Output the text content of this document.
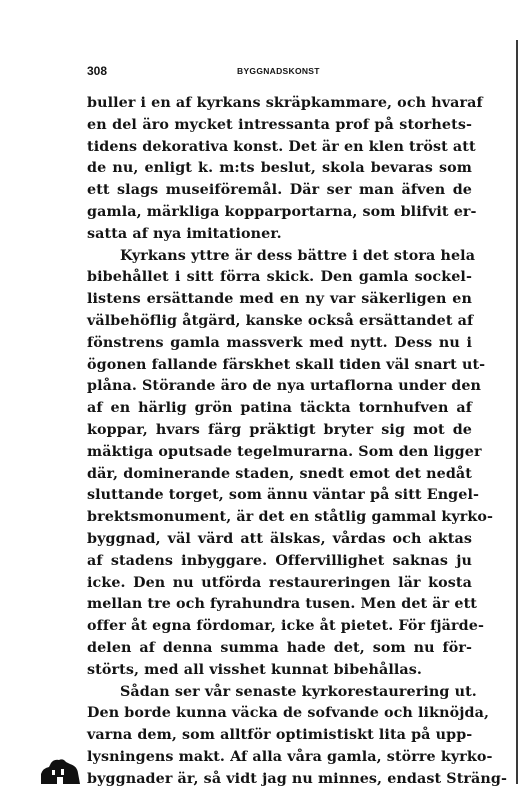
308	BYGGNADSKONST
buller i en af kyrkans skräpkammare, och hvaraf
en del äro mycket intressanta prof på storhets-
tidens dekorativa konst. Det är en klen tröst att
de nu, enligt k. m:ts beslut, skola bevaras som
ett slags museiföremål. Där ser man äfven de
gamla, märkliga kopparportarna, som blifvit er-
satta af nya imitationer.
Kyrkans yttre är dess bättre i det stora hela
bibehållet i sitt förra skick. Den gamla sockel-
listens ersättande med en ny var säkerligen en
välbehöflig åtgärd, kanske också ersättandet af
fönstrens gamla massverk med nytt. Dess nu i
ögonen fallande färskhet skall tiden väl snart ut-
plåna. Störande äro de nya urtaflorna under den
af en härlig grön patina täckta tornhufven af
koppar, hvars färg präktigt bryter sig mot de
mäktiga oputsade tegelmurarna. Som den ligger
där, dominerande staden, snedt emot det nedåt
sluttande torget, som ännu väntar på sitt Engel-
brektsmonument, är det en ståtlig gammal kyrko-
byggnad, väl värd att älskas, vårdas och aktas
af stadens inbyggare. Offervillighet saknas ju
icke. Den nu utförda restaureringen lär kosta
mellan tre och fyrahundra tusen. Men det är ett
offer åt egna fördomar, icke åt pietet. För fjärde-
delen af denna summa hade det, som nu för-
störts, med all visshet kunnat bibehållas.
Sådan ser vår senaste kyrkorestaurering ut.
Den borde kunna väcka de sofvande och liknöjda,
varna dem, som alltför optimistiskt lita på upp-
lysningens makt. Af alla våra gamla, större kyrko-
byggnader är, så vidt jag nu minnes, endast Sträng-
